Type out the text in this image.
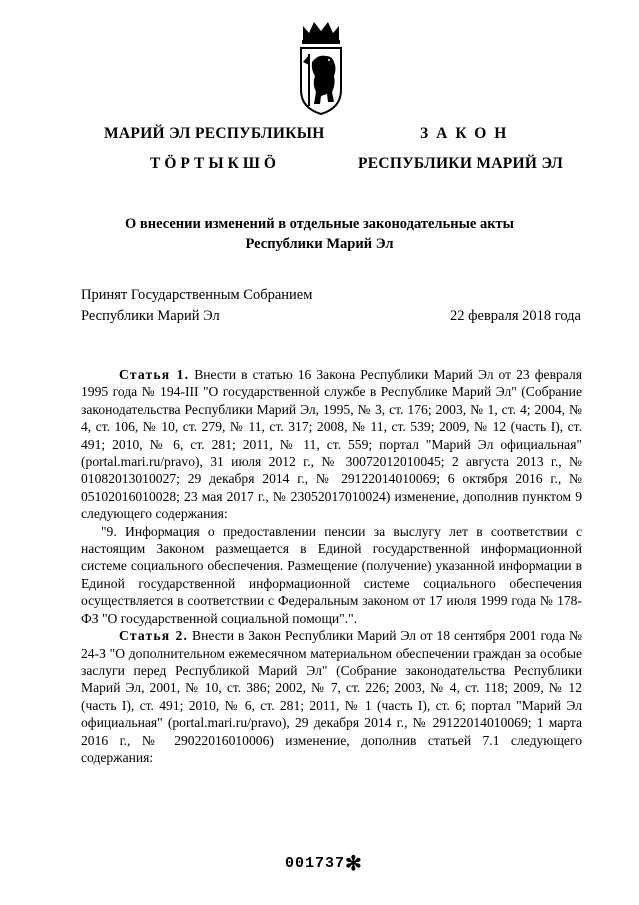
МАРИЙ ЭЛ РЕСПУБЛИКЫН
ТӦРТЫКШӦ
ЗАКОН
РЕСПУБЛИКИ МАРИЙ ЭЛ
О внесении изменений в отдельные законодательные акты
Республики Марий Эл
Принят Государственным Собранием
Республики Марий Эл	22 февраля 2018 года

Статья 1. Внести в статью 16 Закона Республики Марий Эл от 23 февраля 1995 года № 194-III "О государственной службе в Республике Марий Эл" (Собрание законодательства Республики Марий Эл, 1995, № 3, ст. 176; 2003, № 1, ст. 4; 2004, № 4, ст. 106, № 10, ст. 279, № 11, ст. 317; 2008, № 11, ст. 539; 2009, № 12 (часть I), ст. 491; 2010, № 6, ст. 281; 2011, № 11, ст. 559; портал "Марий Эл официальная" (portal.mari.ru/pravo), 31 июля 2012 г., № 30072012010045; 2 августа 2013 г., № 01082013010027; 29 декабря 2014 г., № 29122014010069; 6 октября 2016 г., № 05102016010028; 23 мая 2017 г., № 23052017010024) изменение, дополнив пунктом 9 следующего содержания:

"9. Информация о предоставлении пенсии за выслугу лет в соответствии с настоящим Законом размещается в Единой государственной информационной системе социального обеспечения. Размещение (получение) указанной информации в Единой государственной информационной системе социального обеспечения осуществляется в соответствии с Федеральным законом от 17 июля 1999 года № 178-ФЗ "О государственной социальной помощи".".

Статья 2. Внести в Закон Республики Марий Эл от 18 сентября 2001 года № 24-З "О дополнительном ежемесячном материальном обеспечении граждан за особые заслуги перед Республикой Марий Эл" (Собрание законодательства Республики Марий Эл, 2001, № 10, ст. 386; 2002, № 7, ст. 226; 2003, № 4, ст. 118; 2009, № 12 (часть I), ст. 491; 2010, № 6, ст. 281; 2011, № 1 (часть I), ст. 6; портал "Марий Эл официальная" (portal.mari.ru/pravo), 29 декабря 2014 г., № 29122014010069; 1 марта 2016 г., № 29022016010006) изменение, дополнив статьей 7.1 следующего содержания:

001737 ✻
